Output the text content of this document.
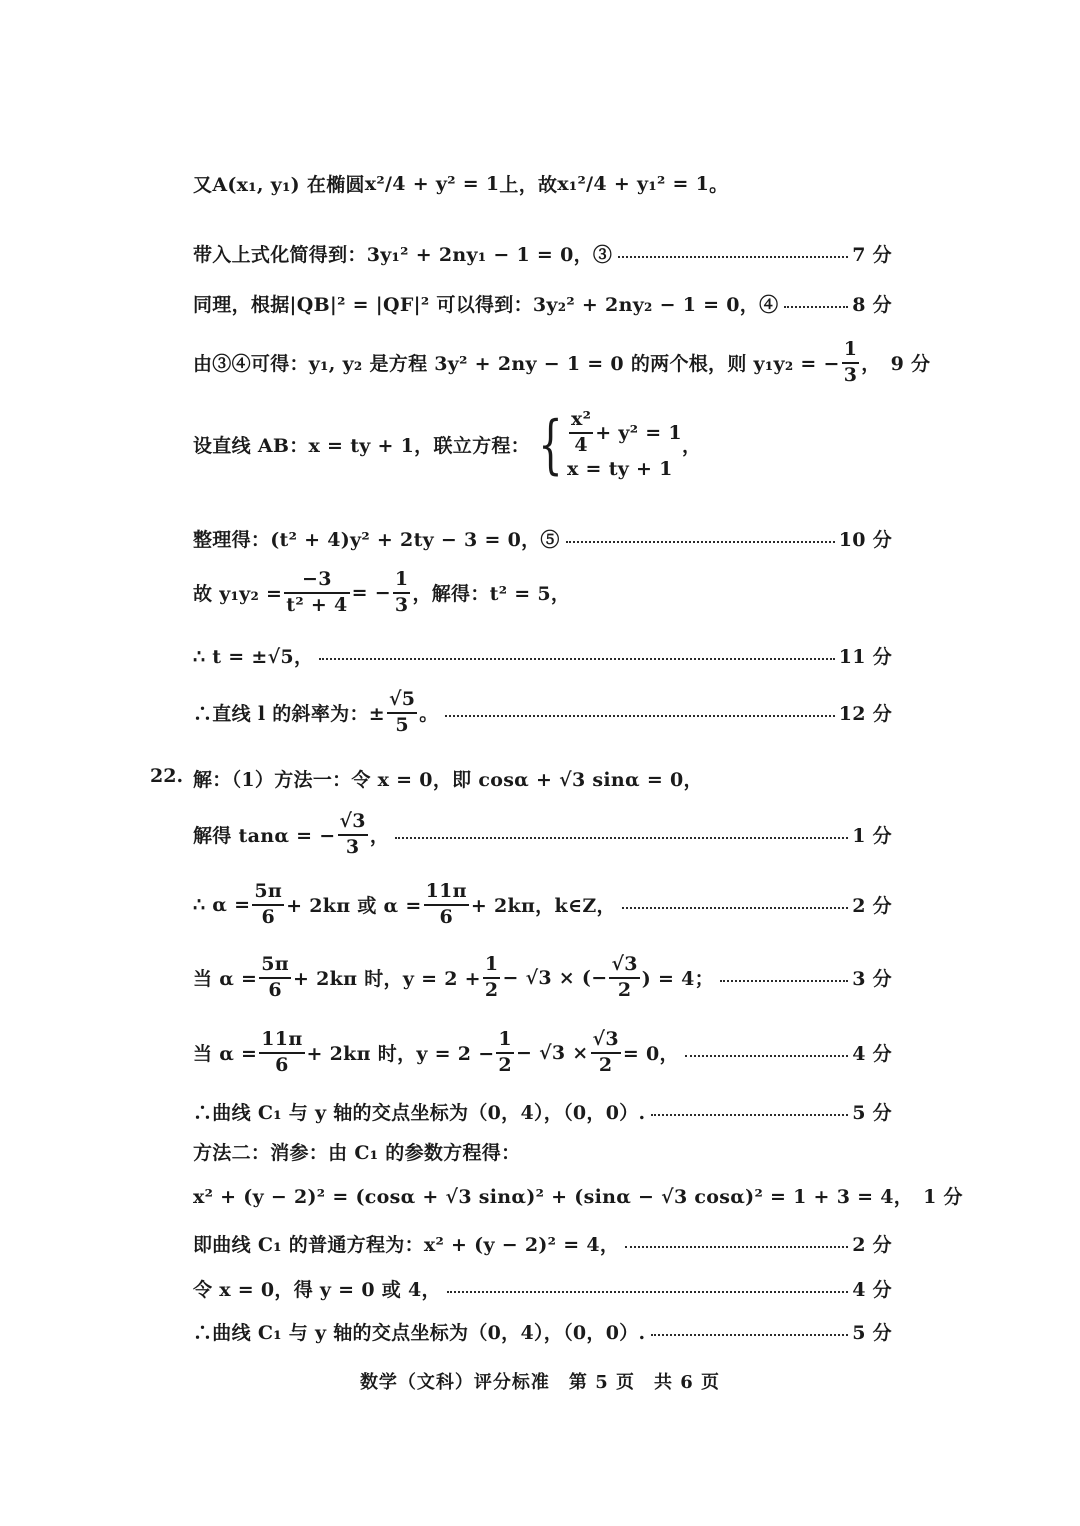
又 A(x₁, y₁) 在椭圆 x²/4 + y² = 1 上，故 x₁²/4 + y₁² = 1 。
带入上式化简得到：3y₁² + 2ny₁ − 1 = 0，③	7 分
同理，根据|QB|² = |QF|² 可以得到：3y₂² + 2ny₂ − 1 = 0，④	8 分
由③④可得：y₁, y₂ 是方程 3y² + 2ny − 1 = 0 的两个根，则 y₁y₂ = − $\frac{1}{3}$ ， 9 分
设直线 AB：x = ty + 1，联立方程： { $\frac{\text{x²}}{4} + y^2 = 1$
x = ty + 1
，
整理得：(t² + 4)y² + 2ty − 3 = 0，⑤	10 分
故 $y_1y_2 = \frac{-3}{\text{t² + 4}}$ = − $\frac{1}{3}$ ，解得：t² = 5，
∴ t = ±√5，	11 分
∴直线 l 的斜率为：± $\frac{√5}{5}$ 。	12 分
22. 解：（1）方法一：令 x = 0，即 cosα + √3 sinα = 0，
解得 tanα = − $\frac{√3}{3}$ ，	1 分
∴ $\alpha = \frac{5\pi}{6} + 2k\pi$ 或 $\alpha = \frac{11\pi}{6} + 2k\pi$，k∈Z，	2 分
当 $\alpha = \frac{5\pi}{6} + 2k\pi$ 时，$y = 2 + \frac{1}{2} - √3$ × (− $\frac{√3}{2}$ ) = 4；	3 分
当 $\alpha = \frac{11\pi}{6} + 2k\pi$ 时，$y = 2 - \frac{1}{2} - √3 \times \frac{√3}{2} = 0$，	4 分
∴曲线 C₁ 与 y 轴的交点坐标为（0，4），（0，0）.	5 分
方法二：消参：由 C₁ 的参数方程得：
x² + (y − 2)² = (cosα + √3 sinα)² + (sinα − √3 cosα)² = 1 + 3 = 4， 1 分
即曲线 C₁ 的普通方程为：x² + (y − 2)² = 4，	2 分
令 x = 0，得 y = 0 或 4，	4 分
∴曲线 C₁ 与 y 轴的交点坐标为（0，4），（0，0）.	5 分
数学（文科）评分标准　第 5 页　共 6 页
